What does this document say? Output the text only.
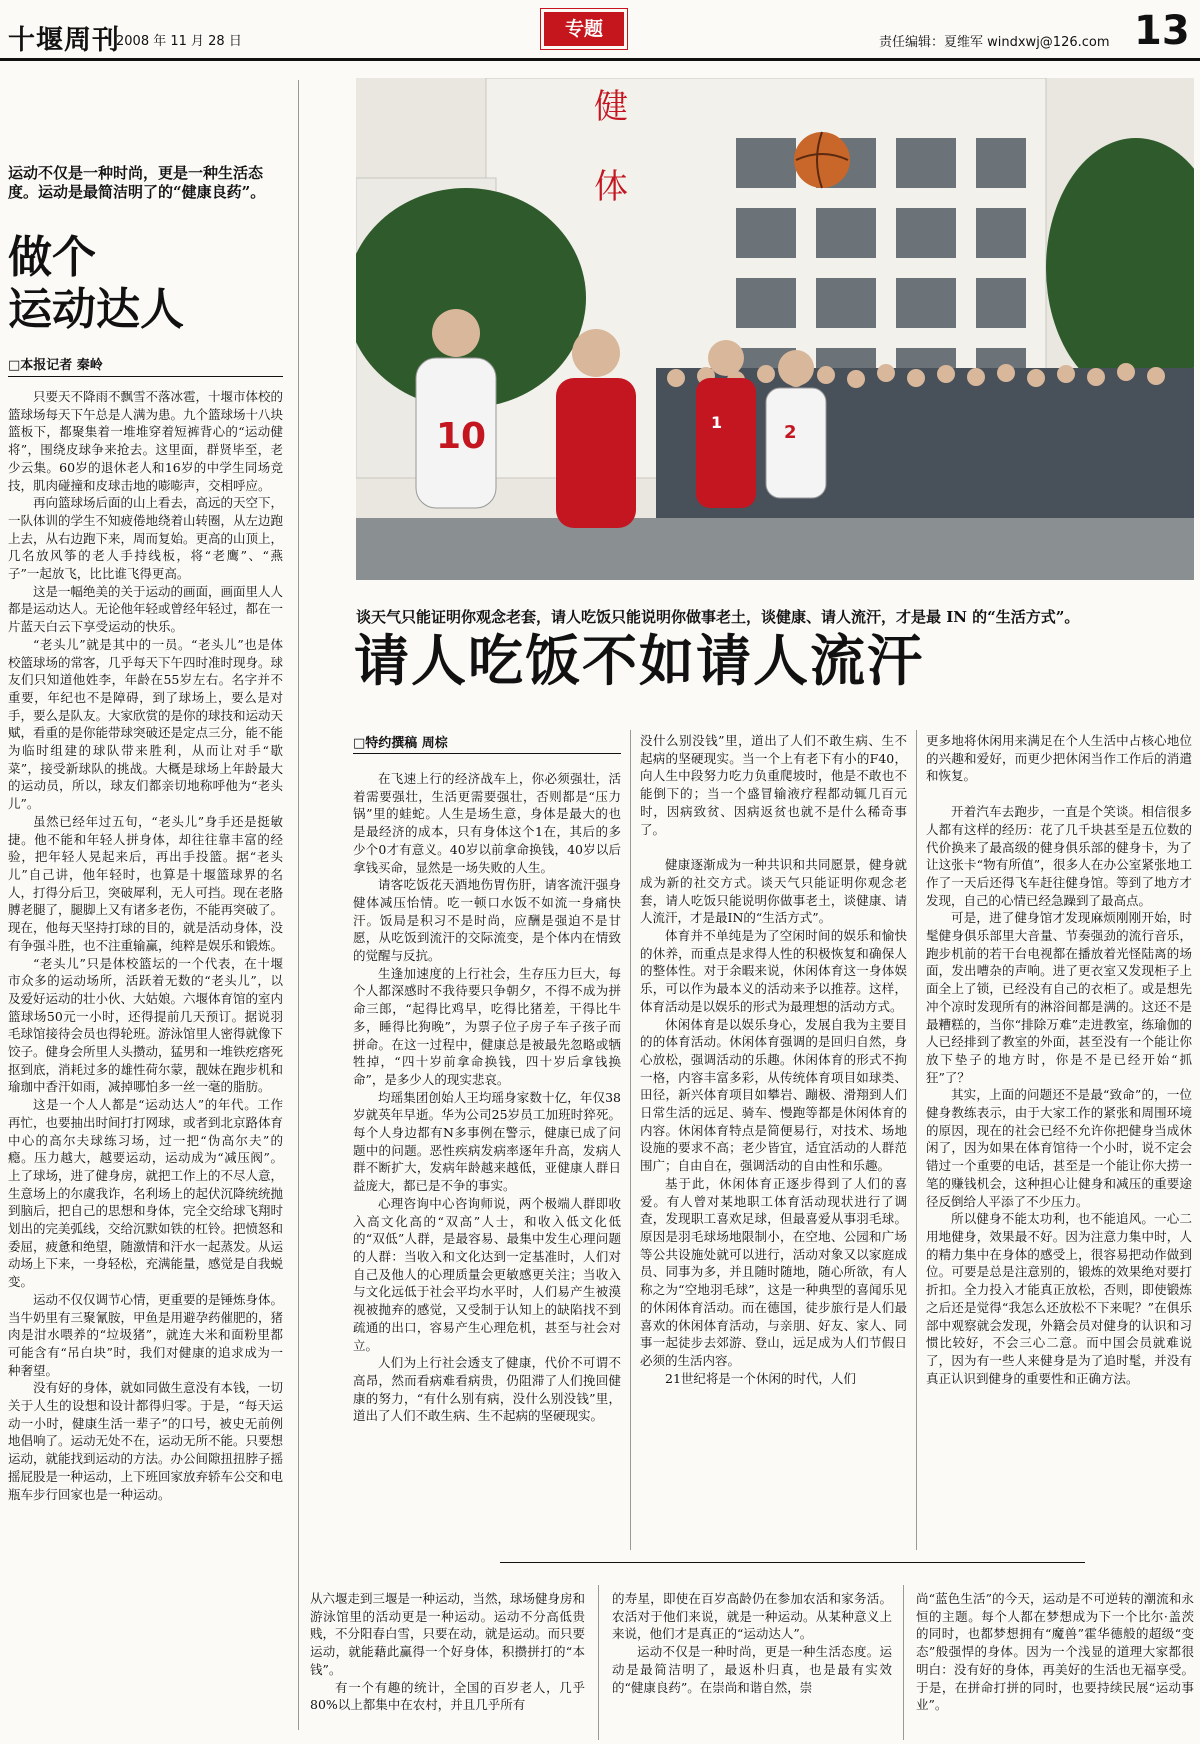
十堰周刊
2008 年 11 月 28 日
专题
责任编辑：夏维军 windxwj@126.com 13
运动不仅是一种时尚，更是一种生活态度。运动是最简洁明了的“健康良药”。
做个
运动达人
□本报记者 秦岭

只要天不降雨不飘雪不落冰雹，十堰市体校的篮球场每天下午总是人满为患。九个篮球场十八块篮板下，都聚集着一堆堆穿着短裤背心的“运动健将”，围绕皮球争来抢去。这里面，群贤毕至，老少云集。60岁的退休老人和16岁的中学生同场竞技，肌肉碰撞和皮球击地的嘭嘭声，交相呼应。

再向篮球场后面的山上看去，高远的天空下，一队体训的学生不知疲倦地绕着山转圈，从左边跑上去，从右边跑下来，周而复始。更高的山顶上，几名放风筝的老人手持线板，将“老鹰”、“燕子”一起放飞，比比谁飞得更高。

这是一幅绝美的关于运动的画面，画面里人人都是运动达人。无论他年轻或曾经年轻过，都在一片蓝天白云下享受运动的快乐。

“老头儿”就是其中的一员。“老头儿”也是体校篮球场的常客，几乎每天下午四时准时现身。球友们只知道他姓李，年龄在55岁左右。名字并不重要，年纪也不是障碍，到了球场上，要么是对手，要么是队友。大家欣赏的是你的球技和运动天赋，看重的是你能带球突破还是定点三分，能不能为临时组建的球队带来胜利，从而让对手“歇菜”，接受新球队的挑战。大概是球场上年龄最大的运动员，所以，球友们都亲切地称呼他为“老头儿”。

虽然已经年过五旬，“老头儿”身手还是挺敏捷。他不能和年轻人拼身体，却往往靠丰富的经验，把年轻人晃起来后，再出手投篮。据“老头儿”自己讲，他年轻时，也算是十堰篮球界的名人，打得分后卫，突破犀利，无人可挡。现在老胳膊老腿了，腿脚上又有诸多老伤，不能再突破了。现在，他每天坚持打球的目的，就是活动身体，没有争强斗胜，也不注重输赢，纯粹是娱乐和锻炼。

“老头儿”只是体校篮坛的一个代表，在十堰市众多的运动场所，活跃着无数的“老头儿”，以及爱好运动的壮小伙、大姑娘。六堰体育馆的室内篮球场50元一小时，还得提前几天预订。据说羽毛球馆接待会员也得轮班。游泳馆里人密得就像下饺子。健身会所里人头攒动，猛男和一堆铁疙瘩死抠到底，消耗过多的雄性荷尔蒙，靓妹在跑步机和瑜珈中香汗如雨，减掉哪怕多一丝一毫的脂肪。

这是一个人人都是“运动达人”的年代。工作再忙，也要抽出时间打打网球，或者到北京路体育中心的高尔夫球练习场，过一把“伪高尔夫”的瘾。压力越大，越要运动，运动成为“减压阀”。上了球场，进了健身房，就把工作上的不尽人意，生意场上的尔虞我诈，名利场上的起伏沉降统统抛到脑后，把自己的思想和身体，完全交给球飞翔时划出的完美弧线，交给沉默如铁的杠铃。把愤怒和委屈，疲惫和绝望，随激情和汗水一起蒸发。从运动场上下来，一身轻松，充满能量，感觉是自我蜕变。

运动不仅仅调节心情，更重要的是锤炼身体。当牛奶里有三聚氰胺，甲鱼是用避孕药催肥的，猪肉是泔水喂养的“垃圾猪”，就连大米和面粉里都可能含有“吊白块”时，我们对健康的追求成为一种奢望。

没有好的身体，就如同做生意没有本钱，一切关于人生的设想和设计都得归零。于是，“每天运动一小时，健康生活一辈子”的口号，被史无前例地倡响了。运动无处不在，运动无所不能。只要想运动，就能找到运动的方法。办公间隙扭扭脖子摇摇屁股是一种运动，上下班回家放弃轿车公交和电瓶车步行回家也是一种运动。

健
体
10	2
1
谈天气只能证明你观念老套，请人吃饭只能说明你做事老土，谈健康、请人流汗，才是最 IN 的“生活方式”。
请人吃饭不如请人流汗
□特约撰稿 周棕

在飞速上行的经济战车上，你必须强壮，活着需要强壮，生活更需要强壮，否则都是“压力锅”里的蛙蛇。人生是场生意，身体是最大的也是最经济的成本，只有身体这个1在，其后的多少个0才有意义。40岁以前拿命换钱，40岁以后拿钱买命，显然是一场失败的人生。

请客吃饭花天酒地伤胃伤肝，请客流汗强身健体减压怡情。吃一顿口水饭不如流一身痛快汗。饭局是积习不是时尚，应酬是强迫不是甘愿，从吃饭到流汗的交际流变，是个体内在情致的觉醒与反抗。

生逢加速度的上行社会，生存压力巨大，每个人都深感时不我待要只争朝夕，不得不成为拼命三郎，“起得比鸡早，吃得比猪差，干得比牛多，睡得比狗晚”，为票子位子房子车子孩子而拼命。在这一过程中，健康总是被最先忽略或牺牲掉，“四十岁前拿命换钱，四十岁后拿钱换命”，是多少人的现实悲哀。

均瑶集团创始人王均瑶身家数十亿，年仅38岁就英年早逝。华为公司25岁员工加班时猝死。每个人身边都有N多事例在警示，健康已成了问题中的问题。恶性疾病发病率逐年升高，发病人群不断扩大，发病年龄越来越低，亚健康人群日益庞大，都已是不争的事实。

心理咨询中心咨询师说，两个极端人群即收入高文化高的“双高”人士，和收入低文化低的“双低”人群，是最容易、最集中发生心理问题的人群：当收入和文化达到一定基准时，人们对自己及他人的心理质量会更敏感更关注；当收入与文化远低于社会平均水平时，人们易产生被漠视被抛弃的感觉，又受制于认知上的缺陷找不到疏通的出口，容易产生心理危机，甚至与社会对立。

人们为上行社会透支了健康，代价不可谓不高昂，然而看病难看病贵，仍阻滞了人们挽回健康的努力，“有什么别有病，没什么别没钱”里，道出了人们不敢生病、生不起病的坚硬现实。

没什么别没钱”里，道出了人们不敢生病、生不起病的坚硬现实。当一个上有老下有小的F40，向人生中段努力吃力负重爬坡时，他是不敢也不能倒下的；当一个盛冒输液疗程都动辄几百元时，因病致贫、因病返贫也就不是什么稀奇事了。

健康逐渐成为一种共识和共同愿景，健身就成为新的社交方式。谈天气只能证明你观念老套，请人吃饭只能说明你做事老土，谈健康、请人流汗，才是最IN的“生活方式”。

体育并不单纯是为了空闲时间的娱乐和愉快的休养，而重点是求得人性的积极恢复和确保人的整体性。对于余暇来说，休闲体育这一身体娱乐，可以作为最本义的活动来予以推荐。这样，体育活动是以娱乐的形式为最理想的活动方式。

休闲体育是以娱乐身心，发展自我为主要目的的体育活动。休闲体育强调的是回归自然，身心放松，强调活动的乐趣。休闲体育的形式不拘一格，内容丰富多彩，从传统体育项目如球类、田径，新兴体育项目如攀岩、蹦极、滑翔到人们日常生活的远足、骑车、慢跑等都是休闲体育的内容。休闲体育特点是简便易行，对技术、场地设施的要求不高；老少皆宜，适宜活动的人群范围广；自由自在，强调活动的自由性和乐趣。

基于此，休闲体育正逐步得到了人们的喜爱。有人曾对某地职工体育活动现状进行了调查，发现职工喜欢足球，但最喜爱从事羽毛球。原因是羽毛球场地限制小，在空地、公园和广场等公共设施处就可以进行，活动对象又以家庭成员、同事为多，并且随时随地，随心所欲，有人称之为“空地羽毛球”，这是一种典型的喜闻乐见的休闲体育活动。而在德国，徒步旅行是人们最喜欢的休闲体育活动，与亲朋、好友、家人、同事一起徒步去郊游、登山，远足成为人们节假日必须的生活内容。

21世纪将是一个休闲的时代，人们

更多地将休闲用来满足在个人生活中占核心地位的兴趣和爱好，而更少把休闲当作工作后的消遣和恢复。

开着汽车去跑步，一直是个笑谈。相信很多人都有这样的经历：花了几千块甚至是五位数的代价换来了最高级的健身俱乐部的健身卡，为了让这张卡“物有所值”，很多人在办公室紧张地工作了一天后还得飞车赶往健身馆。等到了地方才发现，自己的心情已经急躁到了最高点。

可是，进了健身馆才发现麻烦刚刚开始，时髦健身俱乐部里大音量、节奏强劲的流行音乐，跑步机前的若干台电视都在播放着光怪陆离的场面，发出嘈杂的声响。进了更衣室又发现柜子上面全上了锁，已经没有自己的衣柜了。或是想先冲个凉时发现所有的淋浴间都是满的。这还不是最糟糕的，当你“排除万难”走进教室，练瑜伽的人已经排到了教室的外面，甚至没有一个能让你放下垫子的地方时，你是不是已经开始“抓狂”了？

其实，上面的问题还不是最“致命”的，一位健身教练表示，由于大家工作的紧张和周围环境的原因，现在的社会已经不允许你把健身当成休闲了，因为如果在体育馆待一个小时，说不定会错过一个重要的电话，甚至是一个能让你大捞一笔的赚钱机会，这种担心让健身和减压的重要途径反倒给人平添了不少压力。

所以健身不能太功利，也不能追风。一心二用地健身，效果最不好。因为注意力集中时，人的精力集中在身体的感受上，很容易把动作做到位。可要是总是注意别的，锻炼的效果绝对要打折扣。全力投入才能真正放松，否则，即使锻炼之后还是觉得“我怎么还放松不下来呢？”在俱乐部中观察就会发现，外籍会员对健身的认识和习惯比较好，不会三心二意。而中国会员就难说了，因为有一些人来健身是为了追时髦，并没有真正认识到健身的重要性和正确方法。

从六堰走到三堰是一种运动，当然，球场健身房和游泳馆里的活动更是一种运动。运动不分高低贵贱，不分阳春白雪，只要在动，就是运动。而只要运动，就能藉此赢得一个好身体，积攒拼打的“本钱”。

有一个有趣的统计，全国的百岁老人，几乎80%以上都集中在农村，并且几乎所有

的寿星，即使在百岁高龄仍在参加农活和家务活。农活对于他们来说，就是一种运动。从某种意义上来说，他们才是真正的“运动达人”。

运动不仅是一种时尚，更是一种生活态度。运动是最简洁明了，最返朴归真，也是最有实效的“健康良药”。在崇尚和谐自然，崇

尚“蓝色生活”的今天，运动是不可逆转的潮流和永恒的主题。每个人都在梦想成为下一个比尔·盖茨的同时，也都梦想拥有“魔兽”霍华德般的超级“变态”般强悍的身体。因为一个浅显的道理大家都很明白：没有好的身体，再美好的生活也无福享受。于是，在拼命打拼的同时，也要持续民展“运动事业”。
